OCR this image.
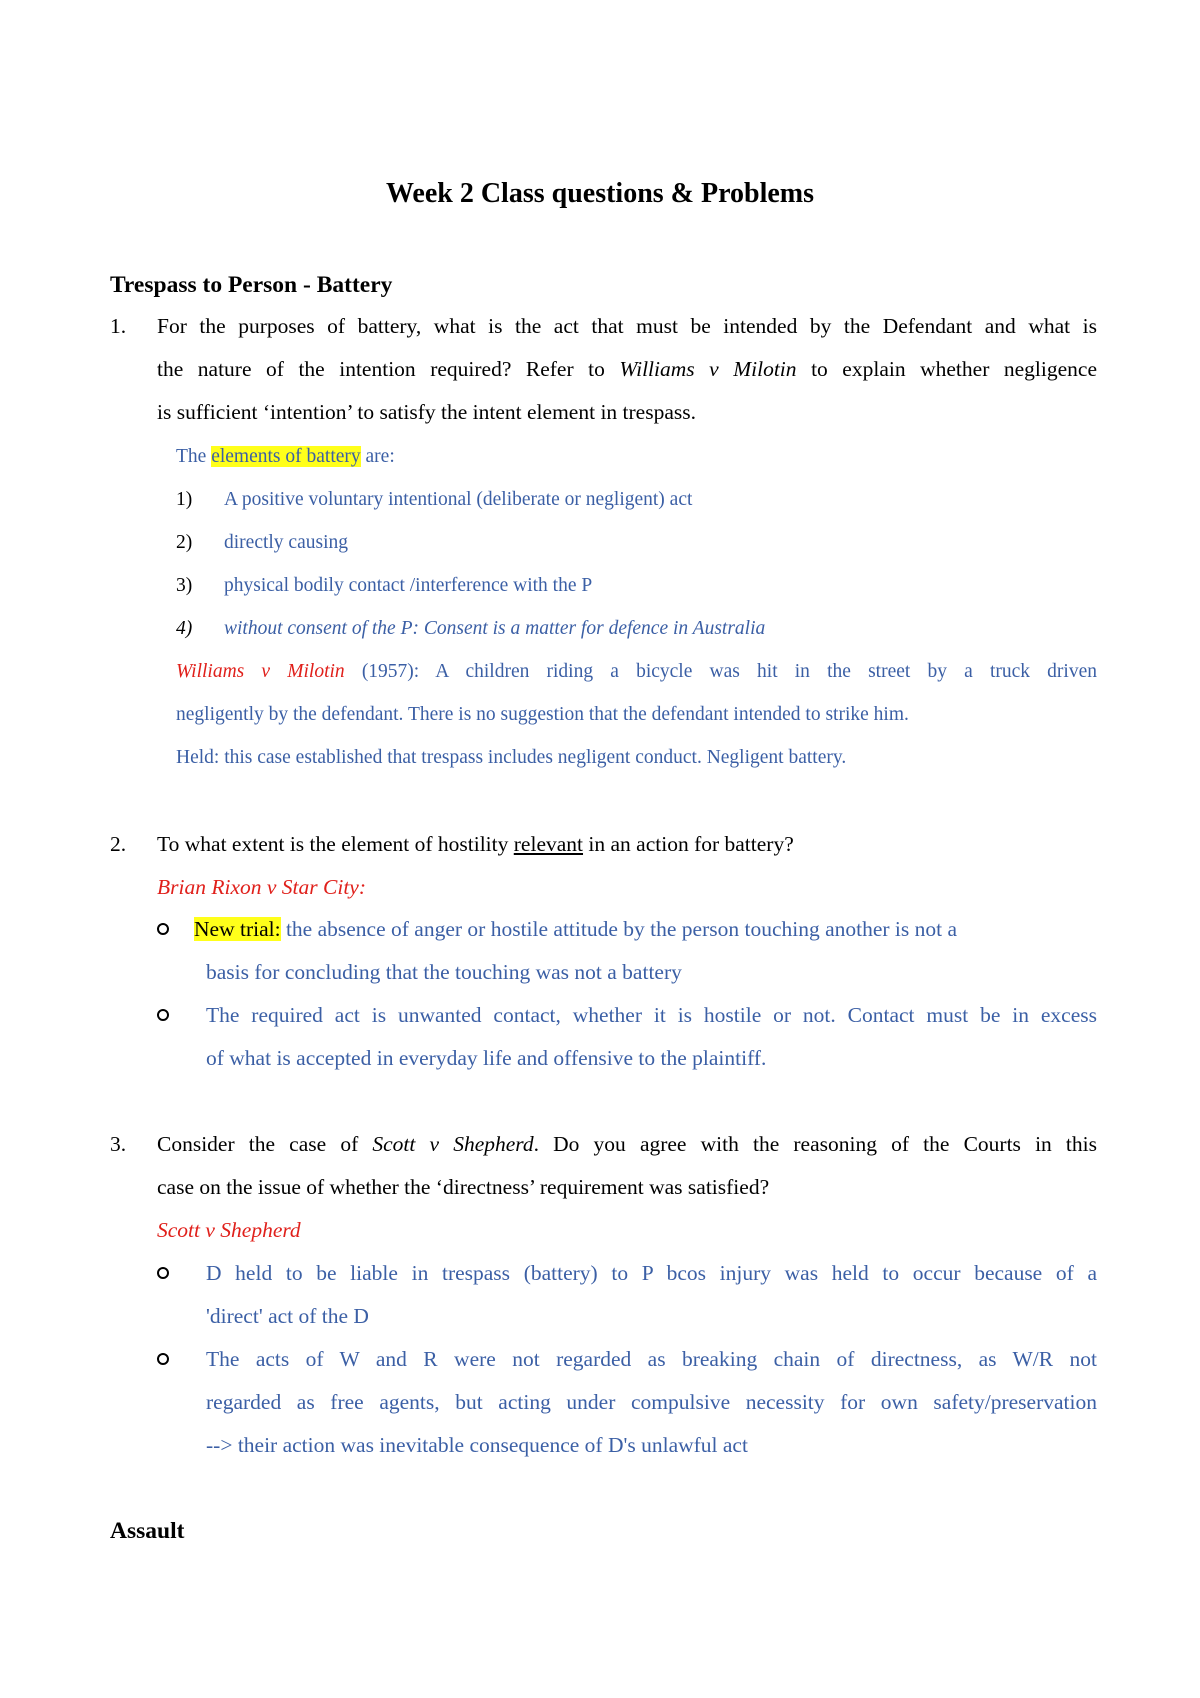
Week 2 Class questions & Problems
Trespass to Person - Battery
1. For the purposes of battery, what is the act that must be intended by the Defendant and what is
the nature of the intention required? Refer to Williams v Milotin to explain whether negligence
is sufficient ‘intention’ to satisfy the intent element in trespass.
The elements of battery are:
1) A positive voluntary intentional (deliberate or negligent) act
2) directly causing
3) physical bodily contact /interference with the P
4) without consent of the P: Consent is a matter for defence in Australia
Williams v Milotin (1957): A children riding a bicycle was hit in the street by a truck driven
negligently by the defendant. There is no suggestion that the defendant intended to strike him.
Held: this case established that trespass includes negligent conduct. Negligent battery.
2. To what extent is the element of hostility relevant in an action for battery?
Brian Rixon v Star City:
New trial: the absence of anger or hostile attitude by the person touching another is not a
basis for concluding that the touching was not a battery
The required act is unwanted contact, whether it is hostile or not. Contact must be in excess
of what is accepted in everyday life and offensive to the plaintiff.
3. Consider the case of Scott v Shepherd. Do you agree with the reasoning of the Courts in this
case on the issue of whether the ‘directness’ requirement was satisfied?
Scott v Shepherd
D held to be liable in trespass (battery) to P bcos injury was held to occur because of a
'direct' act of the D
The acts of W and R were not regarded as breaking chain of directness, as W/R not
regarded as free agents, but acting under compulsive necessity for own safety/preservation
--> their action was inevitable consequence of D's unlawful act
Assault
